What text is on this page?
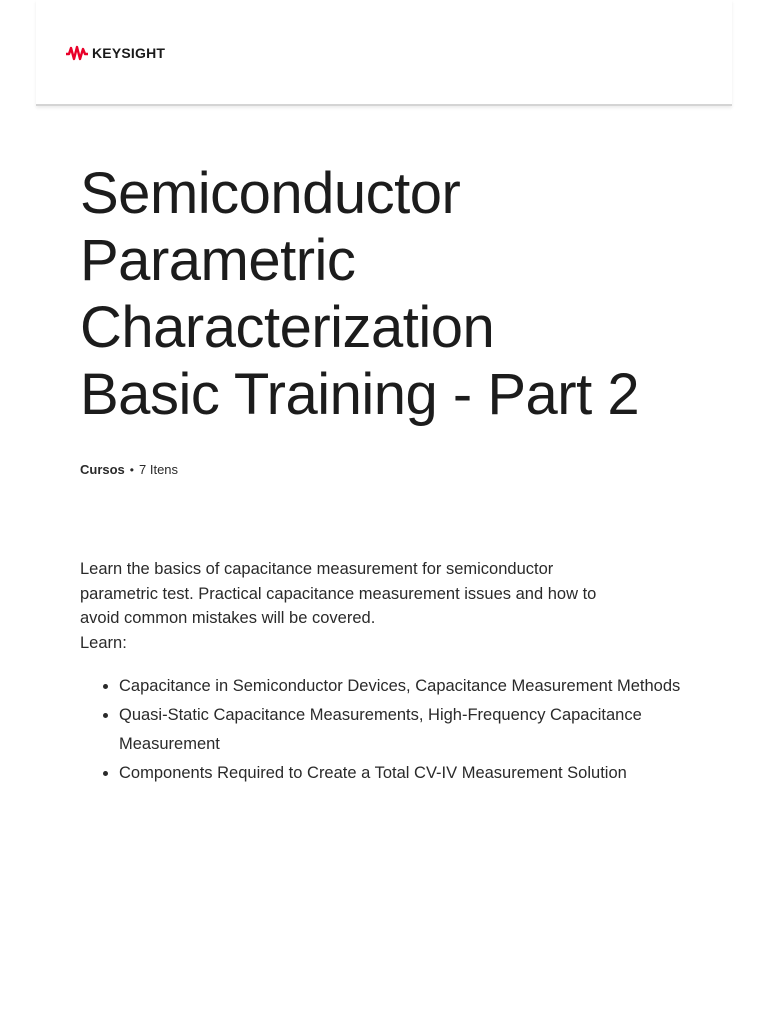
KEYSIGHT
Semiconductor
Parametric
Characterization
Basic Training - Part 2
Cursos • 7 Itens

Learn the basics of capacitance measurement for semiconductor
parametric test. Practical capacitance measurement issues and how to
avoid common mistakes will be covered.
Learn:

• Capacitance in Semiconductor Devices, Capacitance Measurement Methods
• Quasi-Static Capacitance Measurements, High-Frequency Capacitance Measurement
• Components Required to Create a Total CV-IV Measurement Solution
